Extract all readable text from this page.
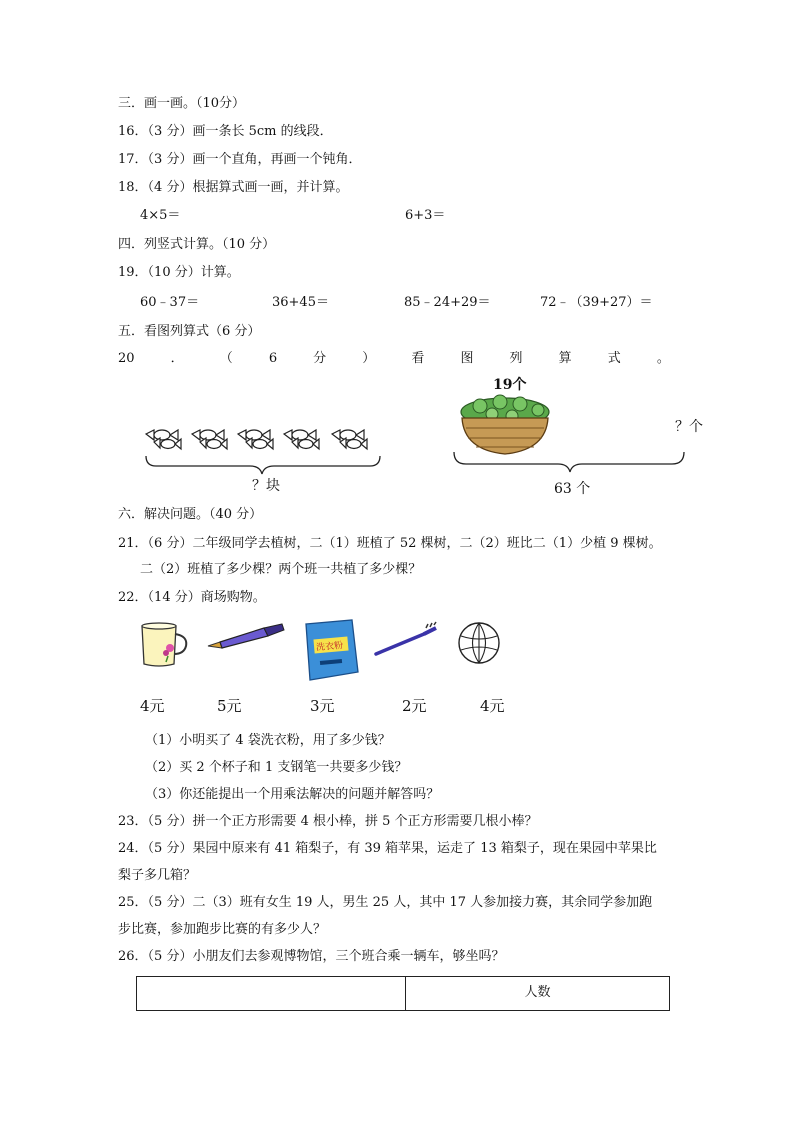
三．画一画。（10分）
16．（3 分）画一条长 5cm 的线段．
17．（3 分）画一个直角，再画一个钝角．
18．（4 分）根据算式画一画，并计算。
4×5＝	6+3＝
四．列竖式计算。（10 分）
19．（10 分）计算。
60﹣37＝	36+45＝	85﹣24+29＝	72﹣（39+27）＝
五．看图列算式（6 分）
20	．	（	6	分	）	看	图	列	算	式	。
？块
19个
？个
63 个
六．解决问题。（40 分）
21．（6 分）二年级同学去植树，二（1）班植了 52 棵树，二（2）班比二（1）少植 9 棵树。
二（2）班植了多少棵？两个班一共植了多少棵？
22．（14 分）商场购物。
洗衣粉
4元	5元	3元	2元	4元
（1）小明买了 4 袋洗衣粉，用了多少钱？
（2）买 2 个杯子和 1 支钢笔一共要多少钱？
（3）你还能提出一个用乘法解决的问题并解答吗？
23．（5 分）拼一个正方形需要 4 根小棒，拼 5 个正方形需要几根小棒？
24．（5 分）果园中原来有 41 箱梨子，有 39 箱苹果，运走了 13 箱梨子，现在果园中苹果比
梨子多几箱？
25．（5 分）二（3）班有女生 19 人，男生 25 人，其中 17 人参加接力赛，其余同学参加跑
步比赛，参加跑步比赛的有多少人？
26．（5 分）小朋友们去参观博物馆，三个班合乘一辆车，够坐吗？
	人数
